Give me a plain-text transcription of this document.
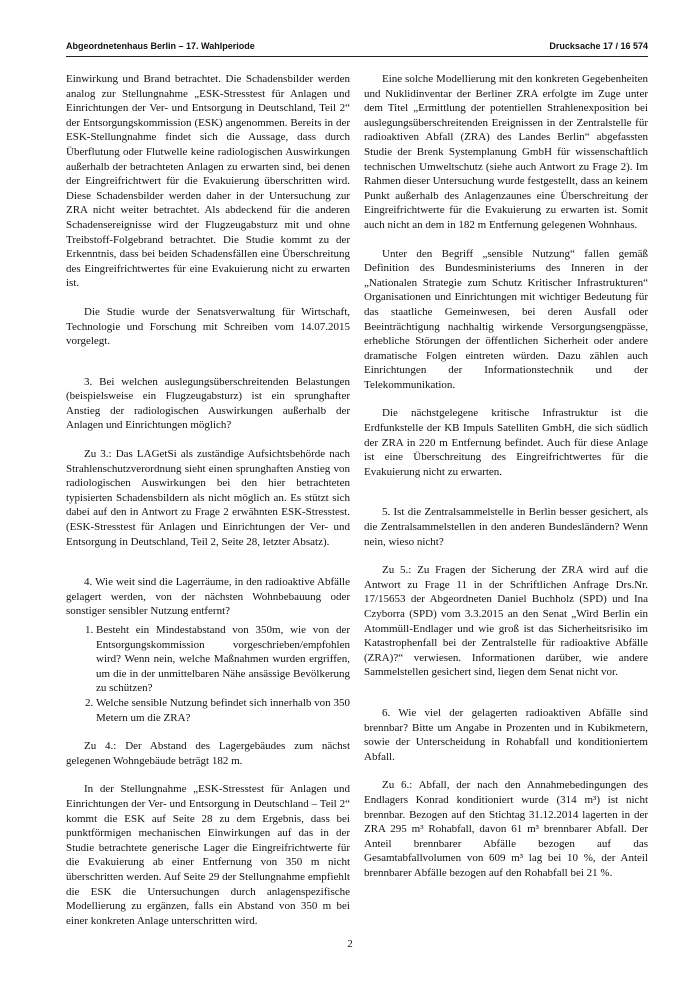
Abgeordnetenhaus Berlin – 17. Wahlperiode	Drucksache 17 / 16 574

Einwirkung und Brand betrachtet. Die Schadensbilder werden analog zur Stellungnahme „ESK-Stresstest für Anlagen und Einrichtungen der Ver- und Entsorgung in Deutschland, Teil 2“ der Entsorgungskommission (ESK) angenommen. Bereits in der ESK-Stellungnahme findet sich die Aussage, dass durch Überflutung oder Flutwelle keine radiologischen Auswirkungen außerhalb der betrachteten Anlagen zu erwarten sind, bei denen der Eingreifrichtwert für die Evakuierung überschritten wird. Diese Schadensbilder werden daher in der Untersuchung zur ZRA nicht weiter betrachtet. Als abdeckend für die anderen Schadensereignisse wird der Flugzeugabsturz mit und ohne Treibstoff-Folgebrand betrachtet. Die Studie kommt zu der Erkenntnis, dass bei beiden Schadensfällen eine Überschreitung des Eingreifrichtwertes für eine Evakuierung nicht zu erwarten ist.

Die Studie wurde der Senatsverwaltung für Wirtschaft, Technologie und Forschung mit Schreiben vom 14.07.2015 vorgelegt.

3. Bei welchen auslegungsüberschreitenden Belastungen (beispielsweise ein Flugzeugabsturz) ist ein sprunghafter Anstieg der radiologischen Auswirkungen außerhalb der Anlagen und Einrichtungen möglich?

Zu 3.: Das LAGetSi als zuständige Aufsichtsbehörde nach Strahlenschutzverordnung sieht einen sprunghaften Anstieg von radiologischen Auswirkungen bei den hier betrachteten typisierten Schadensbildern als nicht möglich an. Es stützt sich dabei auf den in Antwort zu Frage 2 erwähnten ESK-Stresstest. (ESK-Stresstest für Anlagen und Einrichtungen der Ver- und Entsorgung in Deutschland, Teil 2, Seite 28, letzter Absatz).

4. Wie weit sind die Lagerräume, in den radioaktive Abfälle gelagert werden, von der nächsten Wohnbebauung oder sonstiger sensibler Nutzung entfernt?

1. Besteht ein Mindestabstand von 350m, wie von der Entsorgungskommission vorgeschrieben/empfohlen wird? Wenn nein, welche Maßnahmen wurden ergriffen, um die in der unmittelbaren Nähe ansässige Bevölkerung zu schützen?
2. Welche sensible Nutzung befindet sich innerhalb von 350 Metern um die ZRA?

Zu 4.: Der Abstand des Lagergebäudes zum nächst gelegenen Wohngebäude beträgt 182 m.

In der Stellungnahme „ESK-Stresstest für Anlagen und Einrichtungen der Ver- und Entsorgung in Deutschland – Teil 2“ kommt die ESK auf Seite 28 zu dem Ergebnis, dass bei punktförmigen mechanischen Einwirkungen auf das in der Studie betrachtete generische Lager die Eingreifrichtwerte für die Evakuierung ab einer Entfernung von 350 m nicht überschritten werden. Auf Seite 29 der Stellungnahme empfiehlt die ESK die Untersuchungen durch anlagenspezifische Modellierung zu ergänzen, falls ein Abstand von 350 m bei einer konkreten Anlage unterschritten wird.

Eine solche Modellierung mit den konkreten Gegebenheiten und Nuklidinventar der Berliner ZRA erfolgte im Zuge unter dem Titel „Ermittlung der potentiellen Strahlenexposition bei auslegungsüberschreitenden Ereignissen in der Zentralstelle für radioaktiven Abfall (ZRA) des Landes Berlin“ abgefassten Studie der Brenk Systemplanung GmbH für wissenschaftlich technischen Umweltschutz (siehe auch Antwort zu Frage 2). Im Rahmen dieser Untersuchung wurde festgestellt, dass an keinem Punkt außerhalb des Anlagenzaunes eine Überschreitung der Eingreifrichtwerte für die Evakuierung zu erwarten ist. Somit auch nicht an dem in 182 m Entfernung gelegenen Wohnhaus.

Unter den Begriff „sensible Nutzung“ fallen gemäß Definition des Bundesministeriums des Inneren in der „Nationalen Strategie zum Schutz Kritischer Infrastrukturen“ Organisationen und Einrichtungen mit wichtiger Bedeutung für das staatliche Gemeinwesen, bei deren Ausfall oder Beeinträchtigung nachhaltig wirkende Versorgungsengpässe, erhebliche Störungen der öffentlichen Sicherheit oder andere dramatische Folgen eintreten würden. Dazu zählen auch Einrichtungen der Informationstechnik und der Telekommunikation.

Die nächstgelegene kritische Infrastruktur ist die Erdfunkstelle der KB Impuls Satelliten GmbH, die sich südlich der ZRA in 220 m Entfernung befindet. Auch für diese Anlage ist eine Überschreitung des Eingreifrichtwertes für die Evakuierung nicht zu erwarten.

5. Ist die Zentralsammelstelle in Berlin besser gesichert, als die Zentralsammelstellen in den anderen Bundesländern? Wenn nein, wieso nicht?

Zu 5.: Zu Fragen der Sicherung der ZRA wird auf die Antwort zu Frage 11 in der Schriftlichen Anfrage Drs.Nr. 17/15653 der Abgeordneten Daniel Buchholz (SPD) und Ina Czyborra (SPD) vom 3.3.2015 an den Senat „Wird Berlin ein Atommüll-Endlager und wie groß ist das Sicherheitsrisiko im Katastrophenfall bei der Zentralstelle für radioaktive Abfälle (ZRA)?“ verwiesen. Informationen darüber, wie andere Sammelstellen gesichert sind, liegen dem Senat nicht vor.

6. Wie viel der gelagerten radioaktiven Abfälle sind brennbar? Bitte um Angabe in Prozenten und in Kubikmetern, sowie der Unterscheidung in Rohabfall und konditioniertem Abfall.

Zu 6.: Abfall, der nach den Annahmebedingungen des Endlagers Konrad konditioniert wurde (314 m³) ist nicht brennbar. Bezogen auf den Stichtag 31.12.2014 lagerten in der ZRA 295 m³ Rohabfall, davon 61 m³ brennbarer Abfall. Der Anteil brennbarer Abfälle bezogen auf das Gesamtabfallvolumen von 609 m³ lag bei 10 %, der Anteil brennbarer Abfälle bezogen auf den Rohabfall bei 21 %.

2
